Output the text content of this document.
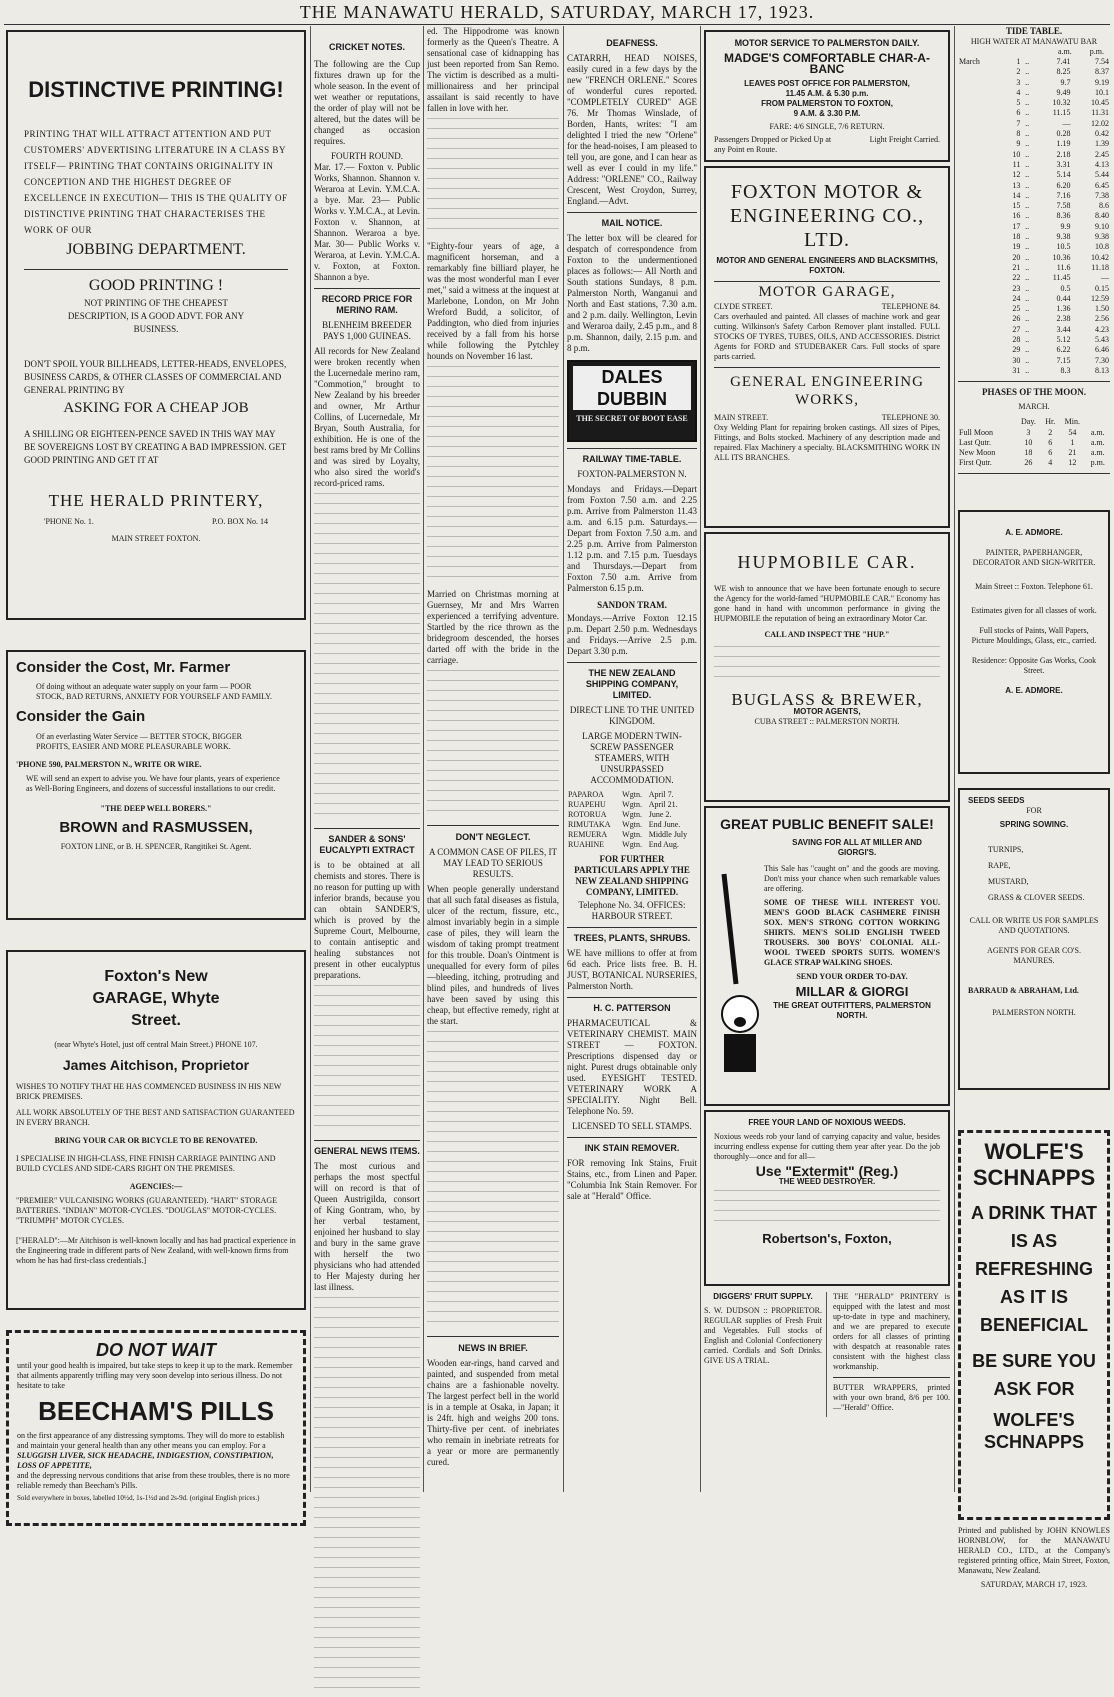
THE MANAWATU HERALD, SATURDAY, MARCH 17, 1923.
DISTINCTIVE PRINTING!
PRINTING THAT WILL ATTRACT ATTENTION AND PUT CUSTOMERS' ADVERTISING LITERATURE IN A CLASS BY ITSELF— PRINTING THAT CONTAINS ORIGINALITY IN CONCEPTION AND THE HIGHEST DEGREE OF EXCELLENCE IN EXECUTION— THIS IS THE QUALITY OF DISTINCTIVE PRINTING THAT CHARACTERISES THE WORK OF OUR
JOBBING DEPARTMENT.
GOOD PRINTING !
NOT PRINTING OF THE CHEAPEST DESCRIPTION, IS A GOOD ADVT. FOR ANY BUSINESS.
DON'T SPOIL YOUR BILLHEADS, LETTER-HEADS, ENVELOPES, BUSINESS CARDS, & OTHER CLASSES OF COMMERCIAL AND GENERAL PRINTING BY
ASKING FOR A CHEAP JOB
A SHILLING OR EIGHTEEN-PENCE SAVED IN THIS WAY MAY BE SOVEREIGNS LOST BY CREATING A BAD IMPRESSION. GET GOOD PRINTING AND GET IT AT
THE HERALD PRINTERY,
'PHONE No. 1.	P.O. BOX No. 14
MAIN STREET FOXTON.
Consider the Cost, Mr. Farmer
Of doing without an adequate water supply on your farm — POOR STOCK, BAD RETURNS, ANXIETY FOR YOURSELF AND FAMILY.
Consider the Gain
Of an everlasting Water Service — BETTER STOCK, BIGGER PROFITS, EASIER AND MORE PLEASURABLE WORK.
'PHONE 590, PALMERSTON N., WRITE OR WIRE.
WE will send an expert to advise you. We have four plants, years of experience as Well-Boring Engineers, and dozens of successful installations to our credit.
"THE DEEP WELL BORERS."
BROWN and RASMUSSEN,
FOXTON LINE, or B. H. SPENCER, Rangitikei St. Agent.
Foxton's New GARAGE, Whyte Street.
(near Whyte's Hotel, just off central Main Street.) PHONE 107.
James Aitchison, Proprietor
WISHES TO NOTIFY THAT HE HAS COMMENCED BUSINESS IN HIS NEW BRICK PREMISES.
ALL WORK ABSOLUTELY OF THE BEST AND SATISFACTION GUARANTEED IN EVERY BRANCH.
BRING YOUR CAR OR BICYCLE TO BE RENOVATED.
I SPECIALISE IN HIGH-CLASS, FINE FINISH CARRIAGE PAINTING AND BUILD CYCLES AND SIDE-CARS RIGHT ON THE PREMISES.
AGENCIES:—
"PREMIER" VULCANISING WORKS (GUARANTEED). "HART" STORAGE BATTERIES. "INDIAN" MOTOR-CYCLES. "DOUGLAS" MOTOR-CYCLES. "TRIUMPH" MOTOR CYCLES.
["HERALD":—Mr Aitchison is well-known locally and has had practical experience in the Engineering trade in different parts of New Zealand, with well-known firms from whom he has had first-class credentials.]
DO NOT WAIT
until your good health is impaired, but take steps to keep it up to the mark. Remember that ailments apparently trifling may very soon develop into serious illness. Do not hesitate to take
BEECHAM'S PILLS
on the first appearance of any distressing symptoms. They will do more to establish and maintain your general health than any other means you can employ. For a
SLUGGISH LIVER, SICK HEADACHE, INDIGESTION, CONSTIPATION, LOSS OF APPETITE,
and the depressing nervous conditions that arise from these troubles, there is no more reliable remedy than Beecham's Pills.
Sold everywhere in boxes, labelled 10½d, 1s-1½d and 2s-9d. (original English prices.)
CRICKET NOTES.

The following are the Cup fixtures drawn up for the whole season. In the event of wet weather or reputations, the order of play will not be altered, but the dates will be changed as occasion requires.

FOURTH ROUND.

Mar. 17.— Foxton v. Public Works, Shannon. Shannon v. Weraroa at Levin. Y.M.C.A. a bye. Mar. 23— Public Works v. Y.M.C.A., at Levin. Foxton v. Shannon, at Shannon. Weraroa a bye. Mar. 30— Public Works v. Weraroa, at Levin. Y.M.C.A. v. Foxton, at Foxton. Shannon a bye.

RECORD PRICE FOR MERINO RAM.
BLENHEIM BREEDER PAYS 1,000 GUINEAS.

All records for New Zealand were broken recently when the Lucernedale merino ram, "Commotion," brought to New Zealand by his breeder and owner, Mr Arthur Collins, of Lucernedale, Mr Bryan, South Australia, for exhibition. He is one of the best rams bred by Mr Collins and was sired by Loyalty, who also sired the world's record-priced rams.

SANDER & SONS' EUCALYPTI EXTRACT

is to be obtained at all chemists and stores. There is no reason for putting up with inferior brands, because you can obtain SANDER'S, which is proved by the Supreme Court, Melbourne, to contain antiseptic and healing substances not present in other eucalyptus preparations.

GENERAL NEWS ITEMS.

The most curious and perhaps the most spectful will on record is that of Queen Austrigilda, consort of King Gontram, who, by her verbal testament, enjoined her husband to slay and bury in the same grave with herself the two physicians who had attended to Her Majesty during her last illness.

ed. The Hippodrome was known formerly as the Queen's Theatre. A sensational case of kidnapping has just been reported from San Remo. The victim is described as a multi-millionairess and her principal assailant is said recently to have fallen in love with her.

"Eighty-four years of age, a magnificent horseman, and a remarkably fine billiard player, he was the most wonderful man I ever met," said a witness at the inquest at Marlebone, London, on Mr John Wreford Budd, a solicitor, of Paddington, who died from injuries received by a fall from his horse while following the Pytchley hounds on November 16 last.

Married on Christmas morning at Guernsey, Mr and Mrs Warren experienced a terrifying adventure. Startled by the rice thrown as the bridegroom descended, the horses darted off with the bride in the carriage.

DON'T NEGLECT.
A COMMON CASE OF PILES, IT MAY LEAD TO SERIOUS RESULTS.

When people generally understand that all such fatal diseases as fistula, ulcer of the rectum, fissure, etc., almost invariably begin in a simple case of piles, they will learn the wisdom of taking prompt treatment for this trouble. Doan's Ointment is unequalled for every form of piles—bleeding, itching, protruding and blind piles, and hundreds of lives have been saved by using this cheap, but effective remedy, right at the start.

NEWS IN BRIEF.

Wooden ear-rings, hand carved and painted, and suspended from metal chains are a fashionable novelty. The largest perfect bell in the world is in a temple at Osaka, in Japan; it is 24ft. high and weighs 200 tons. Thirty-five per cent. of inebriates who remain in inebriate retreats for a year or more are permanently cured.

DEAFNESS.

CATARRH, HEAD NOISES, easily cured in a few days by the new "FRENCH ORLENE." Scores of wonderful cures reported. "COMPLETELY CURED" AGE 76. Mr Thomas Winslade, of Borden, Hants, writes: "I am delighted I tried the new "Orlene" for the head-noises, I am pleased to tell you, are gone, and I can hear as well as ever I could in my life." Address: "ORLENE" CO., Railway Crescent, West Croydon, Surrey, England.—Advt.

MAIL NOTICE.

The letter box will be cleared for despatch of correspondence from Foxton to the undermentioned places as follows:— All North and South stations Sundays, 8 p.m. Palmerston North, Wanganui and North and East stations, 7.30 a.m. and 2 p.m. daily. Wellington, Levin and Weraroa daily, 2.45 p.m., and 8 p.m. Shannon, daily, 2.15 p.m. and 8 p.m.

DALES DUBBIN
THE SECRET OF BOOT EASE
RAILWAY TIME-TABLE.
FOXTON-PALMERSTON N.

Mondays and Fridays.—Depart from Foxton 7.50 a.m. and 2.25 p.m. Arrive from Palmerston 11.43 a.m. and 6.15 p.m. Saturdays.—Depart from Foxton 7.50 a.m. and 2.25 p.m. Arrive from Palmerston 1.12 p.m. and 7.15 p.m. Tuesdays and Thursdays.—Depart from Foxton 7.50 a.m. Arrive from Palmerston 6.15 p.m.

SANDON TRAM.

Mondays.—Arrive Foxton 12.15 p.m. Depart 2.50 p.m. Wednesdays and Fridays.—Arrive 2.5 p.m. Depart 3.30 p.m.

THE NEW ZEALAND SHIPPING COMPANY, LIMITED.
DIRECT LINE TO THE UNITED KINGDOM.
LARGE MODERN TWIN-SCREW PASSENGER STEAMERS, WITH UNSURPASSED ACCOMMODATION.
PAPAROA	Wgtn.	April 7.
RUAPEHU	Wgtn.	April 21.
ROTORUA	Wgtn.	June 2.
RIMUTAKA	Wgtn.	End June.
REMUERA	Wgtn.	Middle July
RUAHINE	Wgtn.	End Aug.
FOR FURTHER PARTICULARS APPLY THE NEW ZEALAND SHIPPING COMPANY, LIMITED.
Telephone No. 34. OFFICES: HARBOUR STREET.
TREES, PLANTS, SHRUBS.

WE have millions to offer at from 6d each. Price lists free. B. H. JUST, BOTANICAL NURSERIES, Palmerston North.

H. C. PATTERSON

PHARMACEUTICAL & VETERINARY CHEMIST. MAIN STREET — FOXTON. Prescriptions dispensed day or night. Purest drugs obtainable only used. EYESIGHT TESTED. VETERINARY WORK A SPECIALITY. Night Bell. Telephone No. 59.

LICENSED TO SELL STAMPS.
INK STAIN REMOVER.

FOR removing Ink Stains, Fruit Stains, etc., from Linen and Paper. "Columbia Ink Stain Remover. For sale at "Herald" Office.

MOTOR SERVICE TO PALMERSTON DAILY.
MADGE'S COMFORTABLE CHAR-A-BANC
LEAVES POST OFFICE FOR PALMERSTON,
11.45 A.M. & 5.30 p.m.
FROM PALMERSTON TO FOXTON,
9 A.M. & 3.30 P.M.
FARE: 4/6 SINGLE, 7/6 RETURN.
Passengers Dropped or Picked Up at any Point en Route.
Light Freight Carried.
FOXTON MOTOR & ENGINEERING CO., LTD.
MOTOR AND GENERAL ENGINEERS AND BLACKSMITHS, FOXTON.
MOTOR GARAGE,
CLYDE STREET.	TELEPHONE 84.

Cars overhauled and painted. All classes of machine work and gear cutting. Wilkinson's Safety Carbon Remover plant installed. FULL STOCKS OF TYRES, TUBES, OILS, AND ACCESSORIES. District Agents for FORD and STUDEBAKER Cars. Full stocks of spare parts carried.

GENERAL ENGINEERING WORKS,
MAIN STREET.	TELEPHONE 30.

Oxy Welding Plant for repairing broken castings. All sizes of Pipes, Fittings, and Bolts stocked. Machinery of any description made and repaired. Flax Machinery a specialty. BLACKSMITHING WORK IN ALL ITS BRANCHES.

HUPMOBILE CAR.

WE wish to announce that we have been fortunate enough to secure the Agency for the world-famed "HUPMOBILE CAR." Economy has gone hand in hand with uncommon performance in giving the HUPMOBILE the reputation of being an extraordinary Motor Car.

CALL AND INSPECT THE "HUP."
BUGLASS & BREWER,
MOTOR AGENTS,
CUBA STREET :: PALMERSTON NORTH.
GREAT PUBLIC BENEFIT SALE!
SAVING FOR ALL AT MILLER AND GIORGI'S.

This Sale has "caught on" and the goods are moving. Don't miss your chance when such remarkable values are offering.

SOME OF THESE WILL INTEREST YOU. MEN'S GOOD BLACK CASHMERE FINISH SOX. MEN'S STRONG COTTON WORKING SHIRTS. MEN'S SOLID ENGLISH TWEED TROUSERS. 300 BOYS' COLONIAL ALL-WOOL TWEED SPORTS SUITS. WOMEN'S GLACE STRAP WALKING SHOES.

SEND YOUR ORDER TO-DAY.
MILLAR & GIORGI
THE GREAT OUTFITTERS, PALMERSTON NORTH.
FREE YOUR LAND OF NOXIOUS WEEDS.

Noxious weeds rob your land of carrying capacity and value, besides incurring endless expense for cutting them year after year. Do the job thoroughly—once and for all—

Use "Extermit" (Reg.)
THE WEED DESTROYER.
Robertson's, Foxton,
DIGGERS' FRUIT SUPPLY.

S. W. DUDSON :: PROPRIETOR. REGULAR supplies of Fresh Fruit and Vegetables. Full stocks of English and Colonial Confectionery carried. Cordials and Soft Drinks. GIVE US A TRIAL.

THE "HERALD" PRINTERY is equipped with the latest and most up-to-date in type and machinery, and we are prepared to execute orders for all classes of printing with despatch at reasonable rates consistent with the highest class workmanship.

BUTTER WRAPPERS, printed with your own brand, 8/6 per 100. —"Herald" Office.

TIDE TABLE.
HIGH WATER AT MANAWATU BAR
a.m. p.m.
March	1	..	7.41	7.54
	2	..	8.25	8.37
	3	..	9.7	9.19
	4	..	9.49	10.1
	5	..	10.32	10.45
	6	..	11.15	11.31
	7	..	—	12.02
	8	..	0.28	0.42
	9	..	1.19	1.39
	10	..	2.18	2.45
	11	..	3.31	4.13
	12	..	5.14	5.44
	13	..	6.20	6.45
	14	..	7.16	7.38
	15	..	7.58	8.6
	16	..	8.36	8.40
	17	..	9.9	9.10
	18	..	9.38	9.38
	19	..	10.5	10.8
	20	..	10.36	10.42
	21	..	11.6	11.18
	22	..	11.45	—
	23	..	0.5	0.15
	24	..	0.44	12.59
	25	..	1.36	1.50
	26	..	2.38	2.56
	27	..	3.44	4.23
	28	..	5.12	5.43
	29	..	6.22	6.46
	30	..	7.15	7.30
	31	..	8.3	8.13
PHASES OF THE MOON.
MARCH.
	Day.	Hr.	Min.	
Full Moon	3	2	54	a.m.
Last Qutr.	10	6	1	a.m.
New Moon	18	6	21	a.m.
First Qutr.	26	4	12	p.m.
A. E. ADMORE.
PAINTER, PAPERHANGER, DECORATOR AND SIGN-WRITER.
Main Street :: Foxton. Telephone 61.
Estimates given for all classes of work.
Full stocks of Paints, Wall Papers, Picture Mouldings, Glass, etc., carried.
Residence: Opposite Gas Works, Cook Street.
A. E. ADMORE.
SEEDS SEEDS
FOR
SPRING SOWING.
TURNIPS,
RAPE,
MUSTARD,
GRASS & CLOVER SEEDS.
CALL OR WRITE US FOR SAMPLES AND QUOTATIONS.
AGENTS FOR GEAR CO'S. MANURES.
BARRAUD & ABRAHAM, Ltd.
PALMERSTON NORTH.
WOLFE'S SCHNAPPS
A DRINK THAT IS AS REFRESHING AS IT IS BENEFICIAL
BE SURE YOU ASK FOR
WOLFE'S SCHNAPPS

Printed and published by JOHN KNOWLES HORNBLOW, for the MANAWATU HERALD CO., LTD., at the Company's registered printing office, Main Street, Foxton, Manawatu, New Zealand.

SATURDAY, MARCH 17, 1923.
